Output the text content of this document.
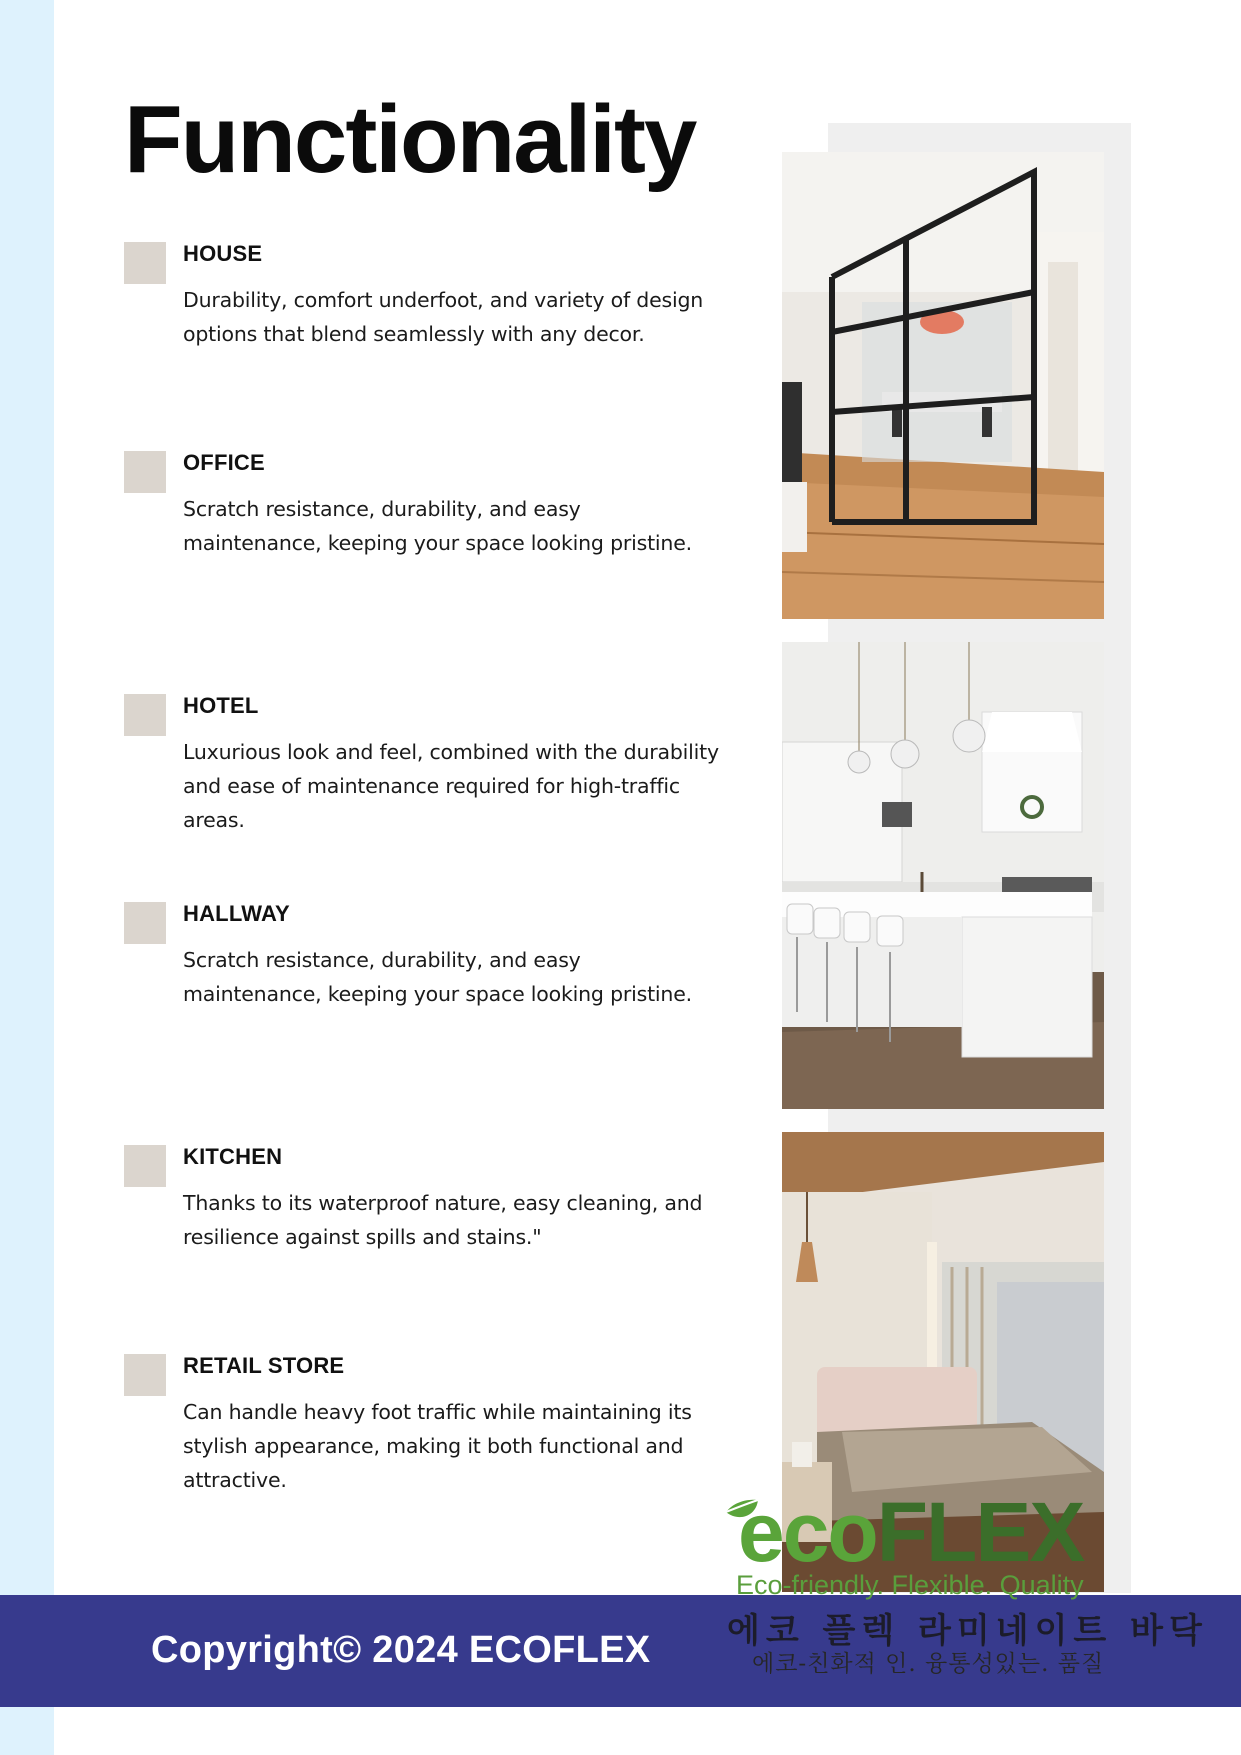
Functionality
HOUSE

Durability, comfort underfoot, and variety of design options that blend seamlessly with any decor.

OFFICE

Scratch resistance, durability, and easy maintenance, keeping your space looking pristine.

HOTEL

Luxurious look and feel, combined with the durability and ease of maintenance required for high-traffic areas.

HALLWAY

Scratch resistance, durability, and easy maintenance, keeping your space looking pristine.

KITCHEN

Thanks to its waterproof nature, easy cleaning, and resilience against spills and stains."

RETAIL STORE

Can handle heavy foot traffic while maintaining its stylish appearance, making it both functional and attractive.

Copyright© 2024 ECOFLEX
ecoFLEX
Eco-friendly. Flexible. Quality
에코 플렉 라미네이트 바닥
에코-친화적 인. 융통성있는. 품질
